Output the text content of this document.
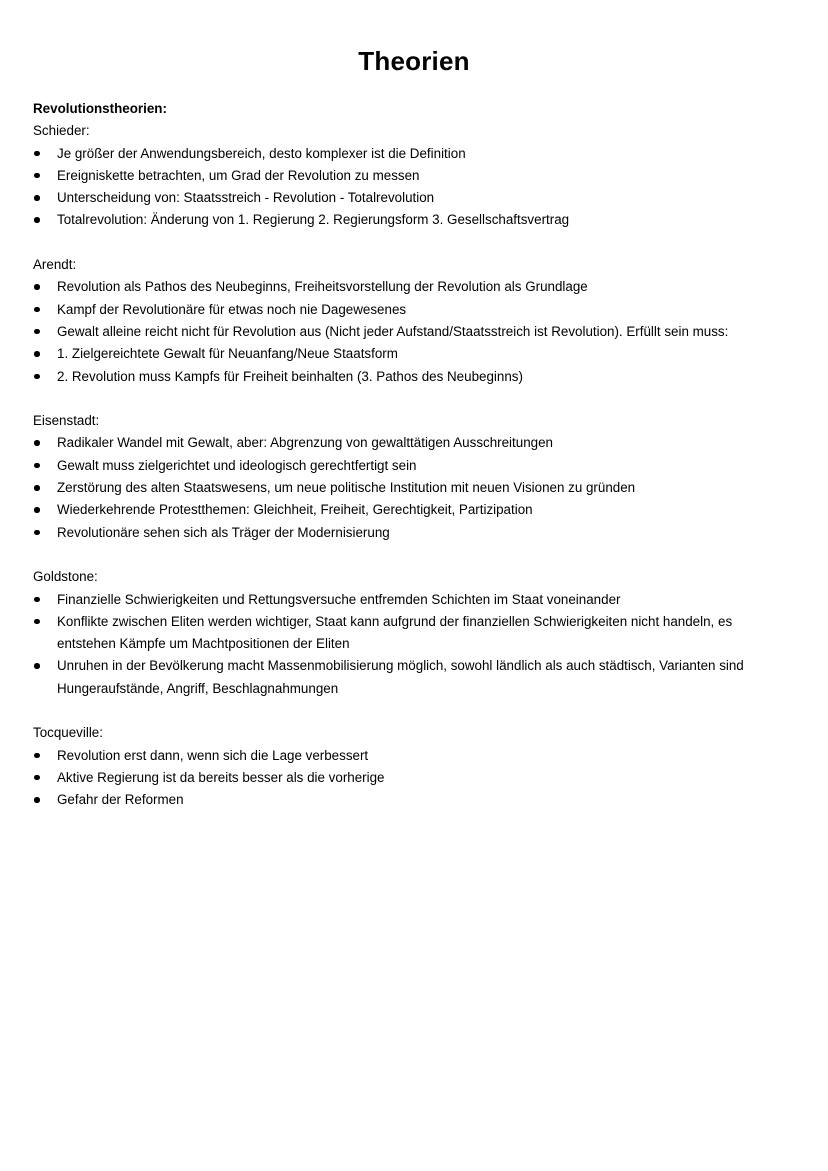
Theorien

Revolutionstheorien:

Schieder:

Je größer der Anwendungsbereich, desto komplexer ist die Definition
Ereigniskette betrachten, um Grad der Revolution zu messen
Unterscheidung von: Staatsstreich - Revolution - Totalrevolution
Totalrevolution: Änderung von 1. Regierung 2. Regierungsform 3. Gesellschaftsvertrag

Arendt:

Revolution als Pathos des Neubeginns, Freiheitsvorstellung der Revolution als Grundlage
Kampf der Revolutionäre für etwas noch nie Dagewesenes
Gewalt alleine reicht nicht für Revolution aus (Nicht jeder Aufstand/Staatsstreich ist Revolution). Erfüllt sein muss:
1. Zielgereichtete Gewalt für Neuanfang/Neue Staatsform
2. Revolution muss Kampfs für Freiheit beinhalten (3. Pathos des Neubeginns)

Eisenstadt:

Radikaler Wandel mit Gewalt, aber: Abgrenzung von gewalttätigen Ausschreitungen
Gewalt muss zielgerichtet und ideologisch gerechtfertigt sein
Zerstörung des alten Staatswesens, um neue politische Institution mit neuen Visionen zu gründen
Wiederkehrende Protestthemen: Gleichheit, Freiheit, Gerechtigkeit, Partizipation
Revolutionäre sehen sich als Träger der Modernisierung

Goldstone:

Finanzielle Schwierigkeiten und Rettungsversuche entfremden Schichten im Staat voneinander
Konflikte zwischen Eliten werden wichtiger, Staat kann aufgrund der finanziellen Schwierigkeiten nicht handeln, es entstehen Kämpfe um Machtpositionen der Eliten
Unruhen in der Bevölkerung macht Massenmobilisierung möglich, sowohl ländlich als auch städtisch, Varianten sind Hungeraufstände, Angriff, Beschlagnahmungen

Tocqueville:

Revolution erst dann, wenn sich die Lage verbessert
Aktive Regierung ist da bereits besser als die vorherige
Gefahr der Reformen
